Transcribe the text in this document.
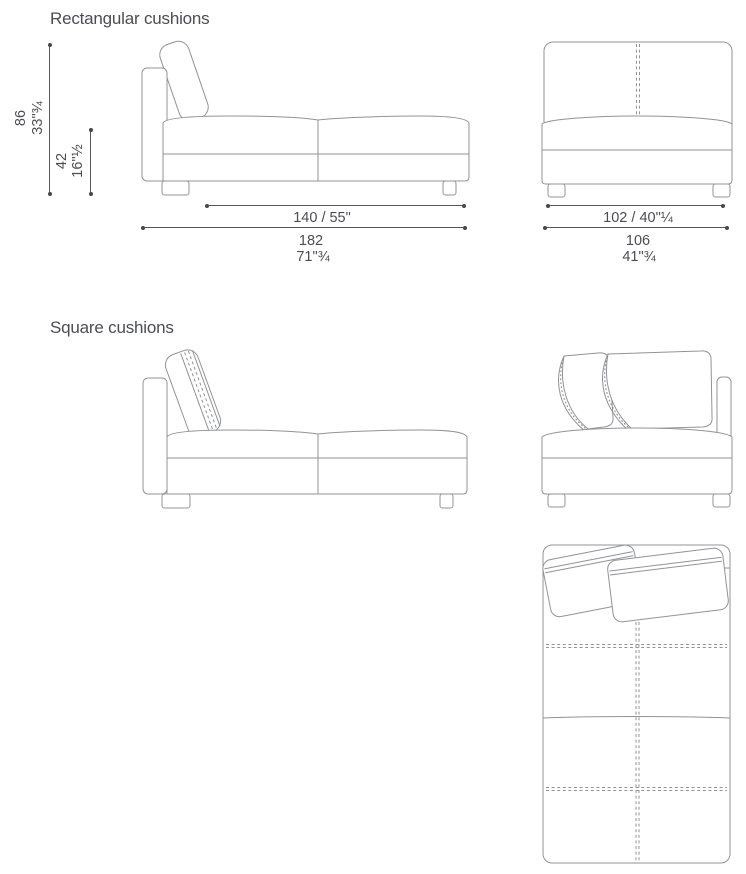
Rectangular cushions
Square cushions
86 33"¾
42 16"½
140 / 55"
182
71"¾
102 / 40"¼
106
41"¾
